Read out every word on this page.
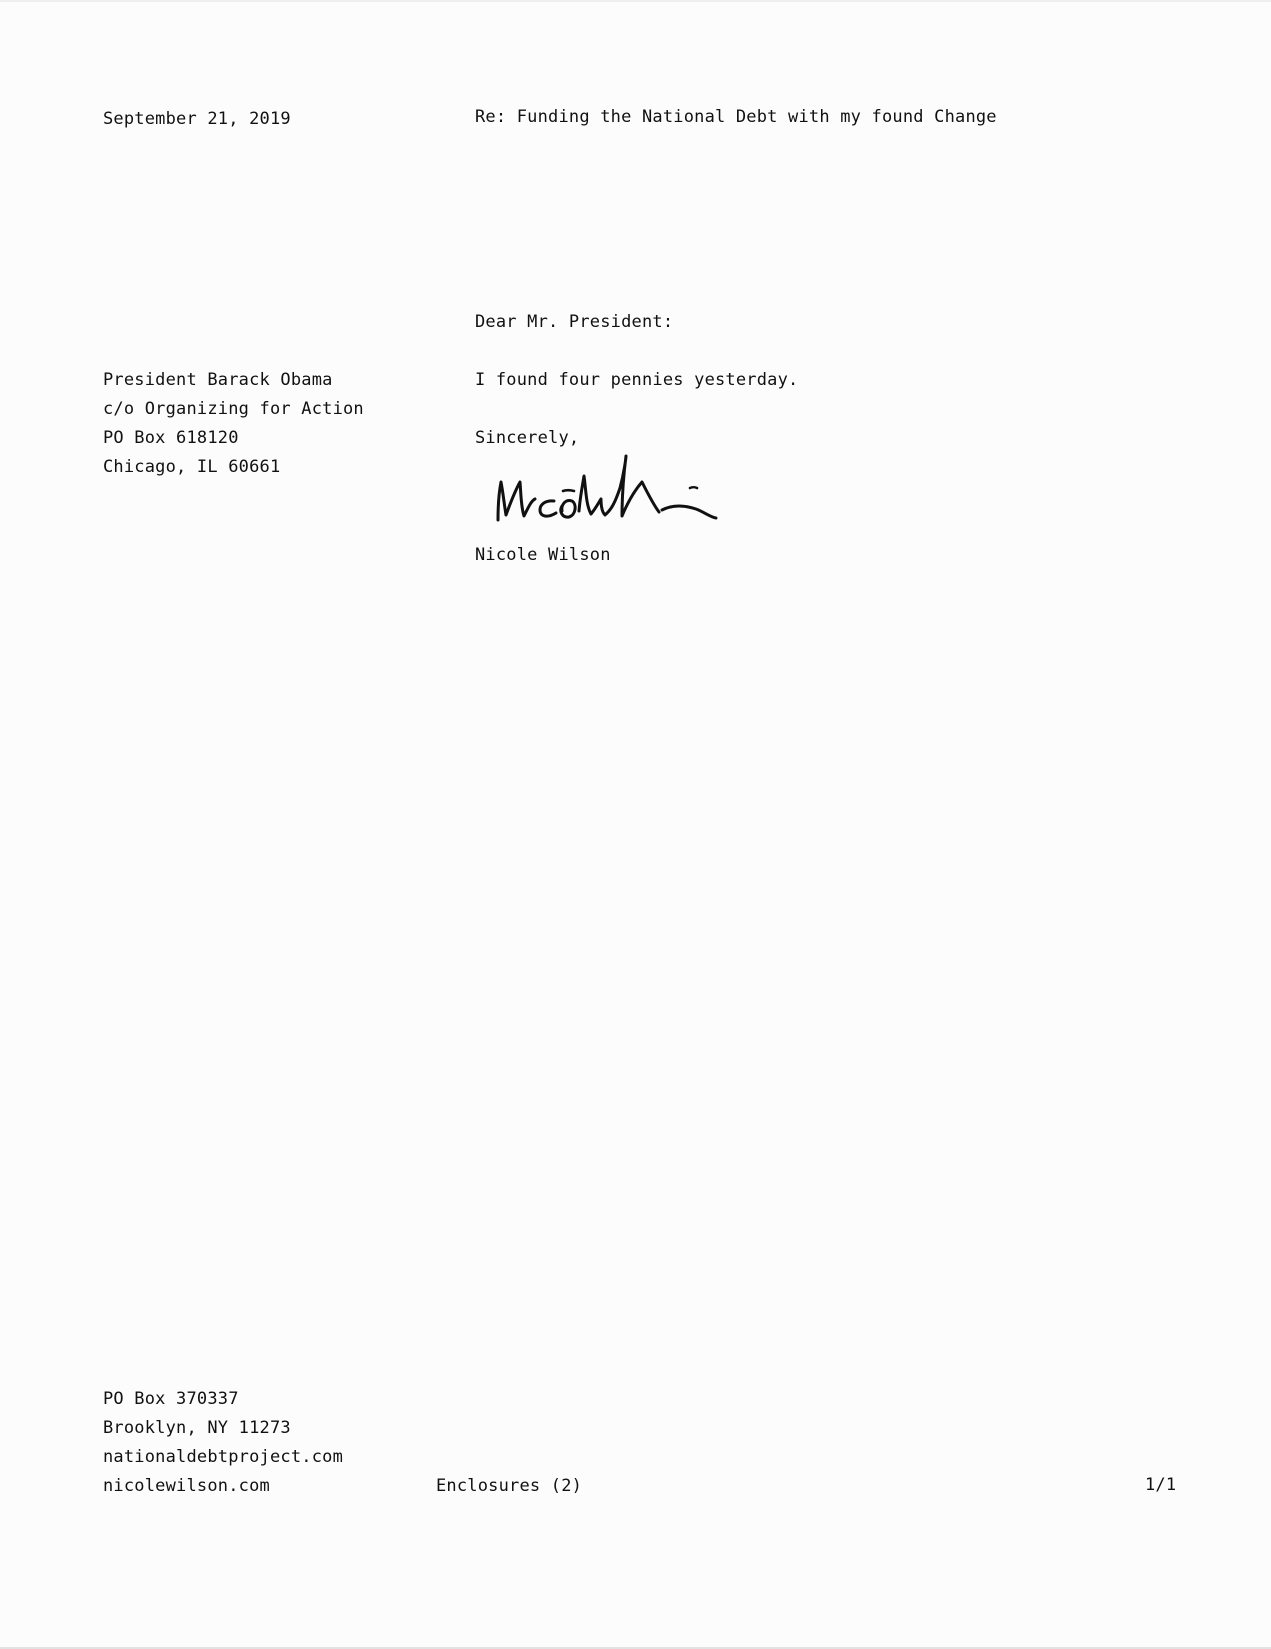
September 21, 2019	Re: Funding the National Debt with my found Change
Dear Mr. President:
President Barack Obama
c/o Organizing for Action
PO Box 618120
Chicago, IL 60661
I found four pennies yesterday.
Sincerely,
Nicole Wilson
PO Box 370337
Brooklyn, NY 11273
nationaldebtproject.com
nicolewilson.com	Enclosures (2)	1/1
